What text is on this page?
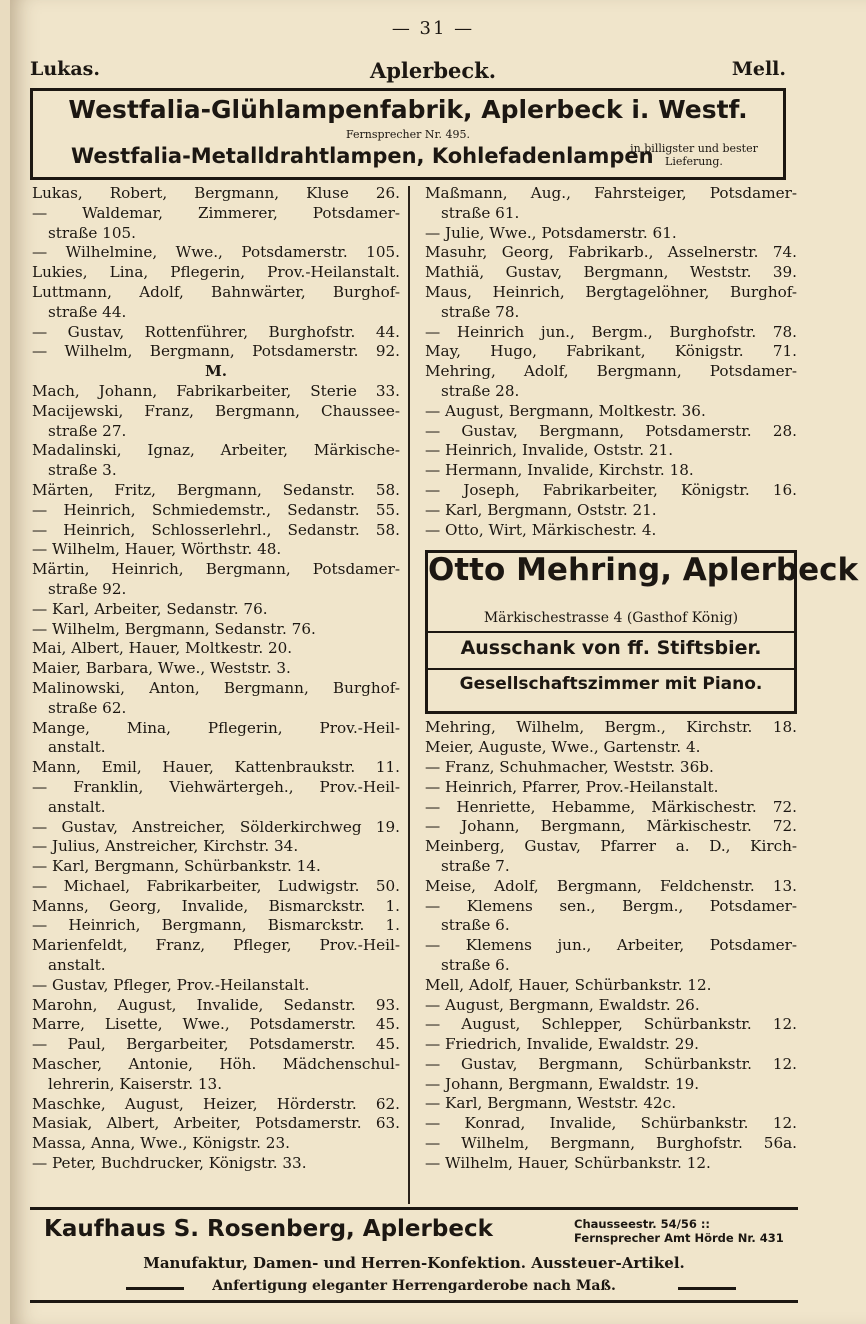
— 31 —
Lukas.	Aplerbeck.	Mell.
Westfalia-Glühlampenfabrik, Aplerbeck i. Westf.
Fernsprecher Nr. 495.
Westfalia-Metalldrahtlampen, Kohlefadenlampen
in billigster und bester Lieferung.
Lukas, Robert, Bergmann, Kluse 26.
— Waldemar, Zimmerer, Potsdamer-
straße 105.
— Wilhelmine, Wwe., Potsdamerstr. 105.
Lukies, Lina, Pflegerin, Prov.-Heilanstalt.
Luttmann, Adolf, Bahnwärter, Burghof-
straße 44.
— Gustav, Rottenführer, Burghofstr. 44.
— Wilhelm, Bergmann, Potsdamerstr. 92.
M.
Mach, Johann, Fabrikarbeiter, Sterie 33.
Macijewski, Franz, Bergmann, Chaussee-
straße 27.
Madalinski, Ignaz, Arbeiter, Märkische-
straße 3.
Märten, Fritz, Bergmann, Sedanstr. 58.
— Heinrich, Schmiedemstr., Sedanstr. 55.
— Heinrich, Schlosserlehrl., Sedanstr. 58.
— Wilhelm, Hauer, Wörthstr. 48.
Märtin, Heinrich, Bergmann, Potsdamer-
straße 92.
— Karl, Arbeiter, Sedanstr. 76.
— Wilhelm, Bergmann, Sedanstr. 76.
Mai, Albert, Hauer, Moltkestr. 20.
Maier, Barbara, Wwe., Weststr. 3.
Malinowski, Anton, Bergmann, Burghof-
straße 62.
Mange, Mina, Pflegerin, Prov.-Heil-
anstalt.
Mann, Emil, Hauer, Kattenbraukstr. 11.
— Franklin, Viehwärtergeh., Prov.-Heil-
anstalt.
— Gustav, Anstreicher, Sölderkirchweg 19.
— Julius, Anstreicher, Kirchstr. 34.
— Karl, Bergmann, Schürbankstr. 14.
— Michael, Fabrikarbeiter, Ludwigstr. 50.
Manns, Georg, Invalide, Bismarckstr. 1.
— Heinrich, Bergmann, Bismarckstr. 1.
Marienfeldt, Franz, Pfleger, Prov.-Heil-
anstalt.
— Gustav, Pfleger, Prov.-Heilanstalt.
Marohn, August, Invalide, Sedanstr. 93.
Marre, Lisette, Wwe., Potsdamerstr. 45.
— Paul, Bergarbeiter, Potsdamerstr. 45.
Mascher, Antonie, Höh. Mädchenschul-
lehrerin, Kaiserstr. 13.
Maschke, August, Heizer, Hörderstr. 62.
Masiak, Albert, Arbeiter, Potsdamerstr. 63.
Massa, Anna, Wwe., Königstr. 23.
— Peter, Buchdrucker, Königstr. 33.
Maßmann, Aug., Fahrsteiger, Potsdamer-
straße 61.
— Julie, Wwe., Potsdamerstr. 61.
Masuhr, Georg, Fabrikarb., Asselnerstr. 74.
Mathiä, Gustav, Bergmann, Weststr. 39.
Maus, Heinrich, Bergtagelöhner, Burghof-
straße 78.
— Heinrich jun., Bergm., Burghofstr. 78.
May, Hugo, Fabrikant, Königstr. 71.
Mehring, Adolf, Bergmann, Potsdamer-
straße 28.
— August, Bergmann, Moltkestr. 36.
— Gustav, Bergmann, Potsdamerstr. 28.
— Heinrich, Invalide, Oststr. 21.
— Hermann, Invalide, Kirchstr. 18.
— Joseph, Fabrikarbeiter, Königstr. 16.
— Karl, Bergmann, Oststr. 21.
— Otto, Wirt, Märkischestr. 4.
Otto Mehring, Aplerbeck
Märkischestrasse 4 (Gasthof König)
Ausschank von ff. Stiftsbier.
Gesellschaftszimmer mit Piano.
Mehring, Wilhelm, Bergm., Kirchstr. 18.
Meier, Auguste, Wwe., Gartenstr. 4.
— Franz, Schuhmacher, Weststr. 36b.
— Heinrich, Pfarrer, Prov.-Heilanstalt.
— Henriette, Hebamme, Märkischestr. 72.
— Johann, Bergmann, Märkischestr. 72.
Meinberg, Gustav, Pfarrer a. D., Kirch-
straße 7.
Meise, Adolf, Bergmann, Feldchenstr. 13.
— Klemens sen., Bergm., Potsdamer-
straße 6.
— Klemens jun., Arbeiter, Potsdamer-
straße 6.
Mell, Adolf, Hauer, Schürbankstr. 12.
— August, Bergmann, Ewaldstr. 26.
— August, Schlepper, Schürbankstr. 12.
— Friedrich, Invalide, Ewaldstr. 29.
— Gustav, Bergmann, Schürbankstr. 12.
— Johann, Bergmann, Ewaldstr. 19.
— Karl, Bergmann, Weststr. 42c.
— Konrad, Invalide, Schürbankstr. 12.
— Wilhelm, Bergmann, Burghofstr. 56a.
— Wilhelm, Hauer, Schürbankstr. 12.
Kaufhaus S. Rosenberg, Aplerbeck	Chausseestr. 54/56 :: Fernsprecher Amt Hörde Nr. 431
Manufaktur, Damen- und Herren-Konfektion. Aussteuer-Artikel.
Anfertigung eleganter Herrengarderobe nach Maß.
